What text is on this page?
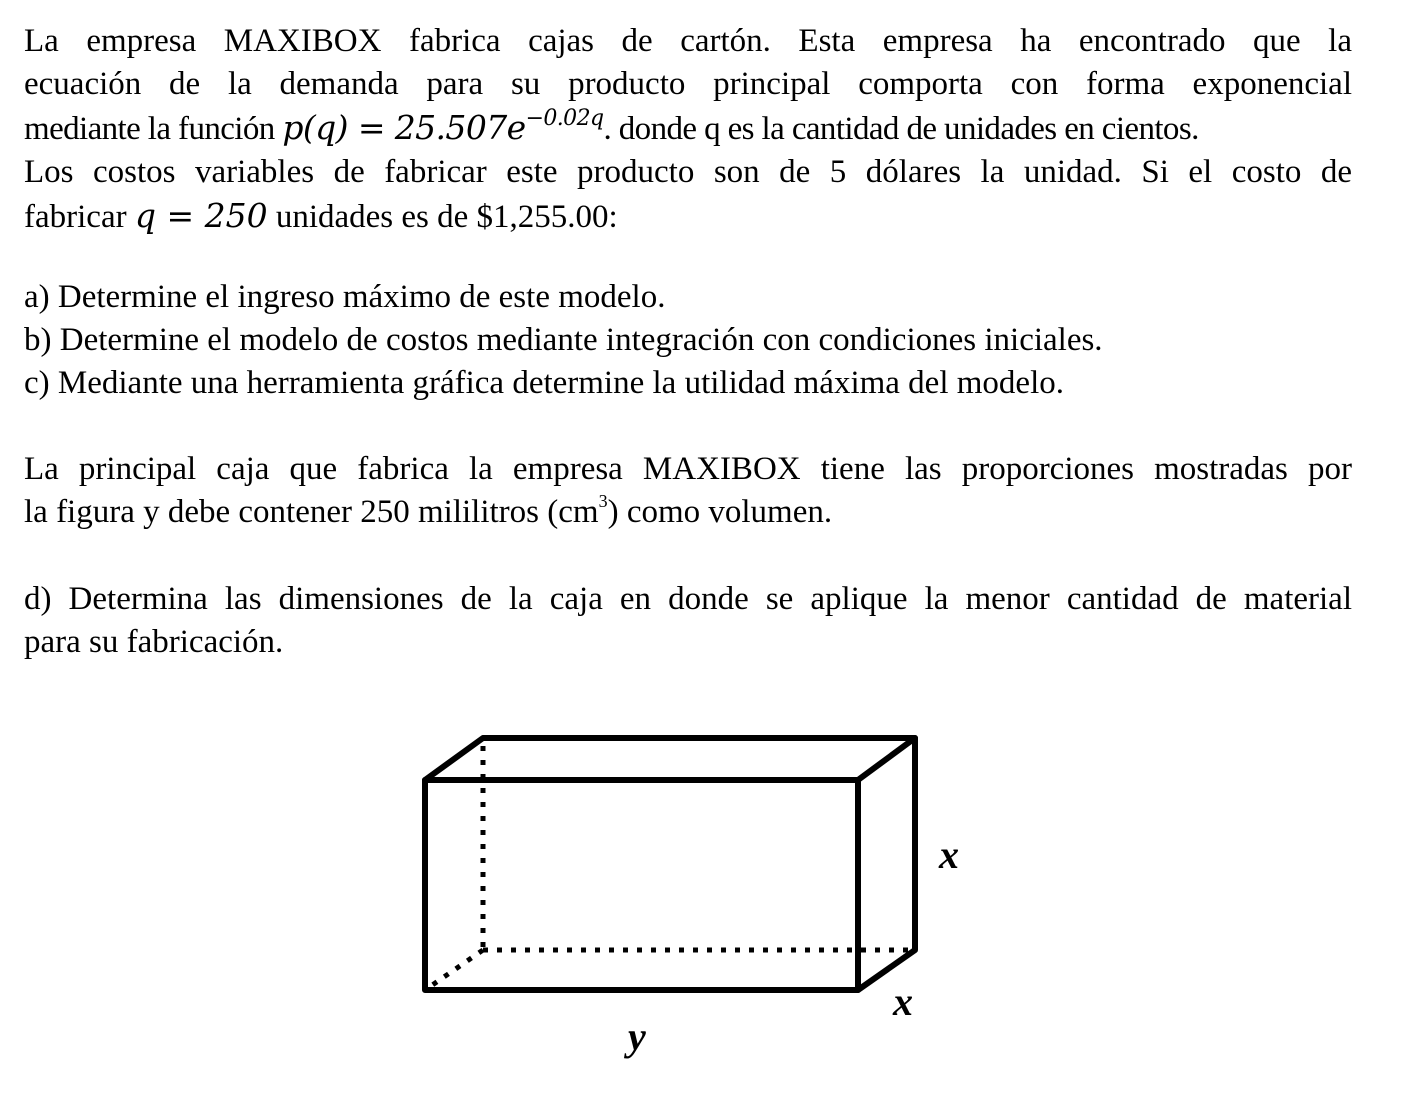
La empresa MAXIBOX fabrica cajas de cartón. Esta empresa ha encontrado que la
ecuación de la demanda para su producto principal comporta con forma exponencial
mediante la función $p(q) = 25.507e^{-0.02q}$. donde q es la cantidad de unidades en cientos.
Los costos variables de fabricar este producto son de 5 dólares la unidad. Si el costo de
fabricar q = 250 unidades es de $1,255.00:
a) Determine el ingreso máximo de este modelo.
b) Determine el modelo de costos mediante integración con condiciones iniciales.
c) Mediante una herramienta gráfica determine la utilidad máxima del modelo.
La principal caja que fabrica la empresa MAXIBOX tiene las proporciones mostradas por
la figura y debe contener 250 mililitros $(cm^3)$ como volumen.
d) Determina las dimensiones de la caja en donde se aplique la menor cantidad de material
para su fabricación.
x
x
y
